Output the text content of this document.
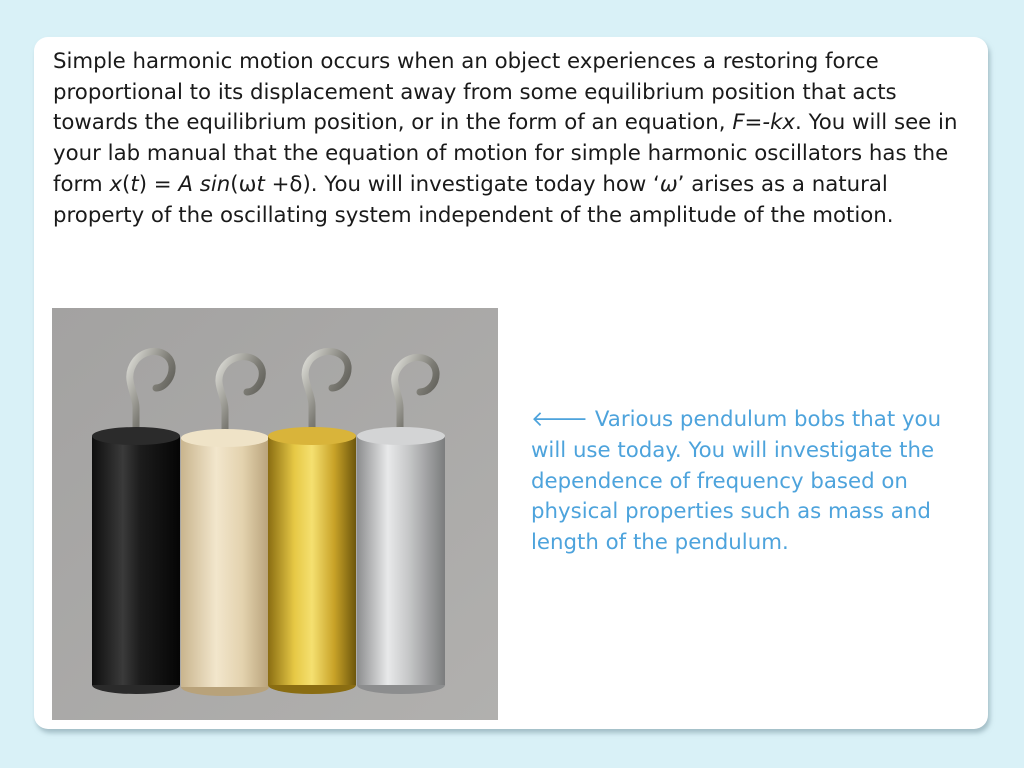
Simple harmonic motion occurs when an object experiences a restoring force proportional to its displacement away from some equilibrium position that acts towards the equilibrium position, or in the form of an equation, F=-kx. You will see in your lab manual that the equation of motion for simple harmonic oscillators has the form x(t) = A sin(ωt +δ). You will investigate today how ‘ω’ arises as a natural property of the oscillating system independent of the amplitude of the motion.

🡐 Various pendulum bobs that you will use today. You will investigate the dependence of frequency based on physical properties such as mass and length of the pendulum.
